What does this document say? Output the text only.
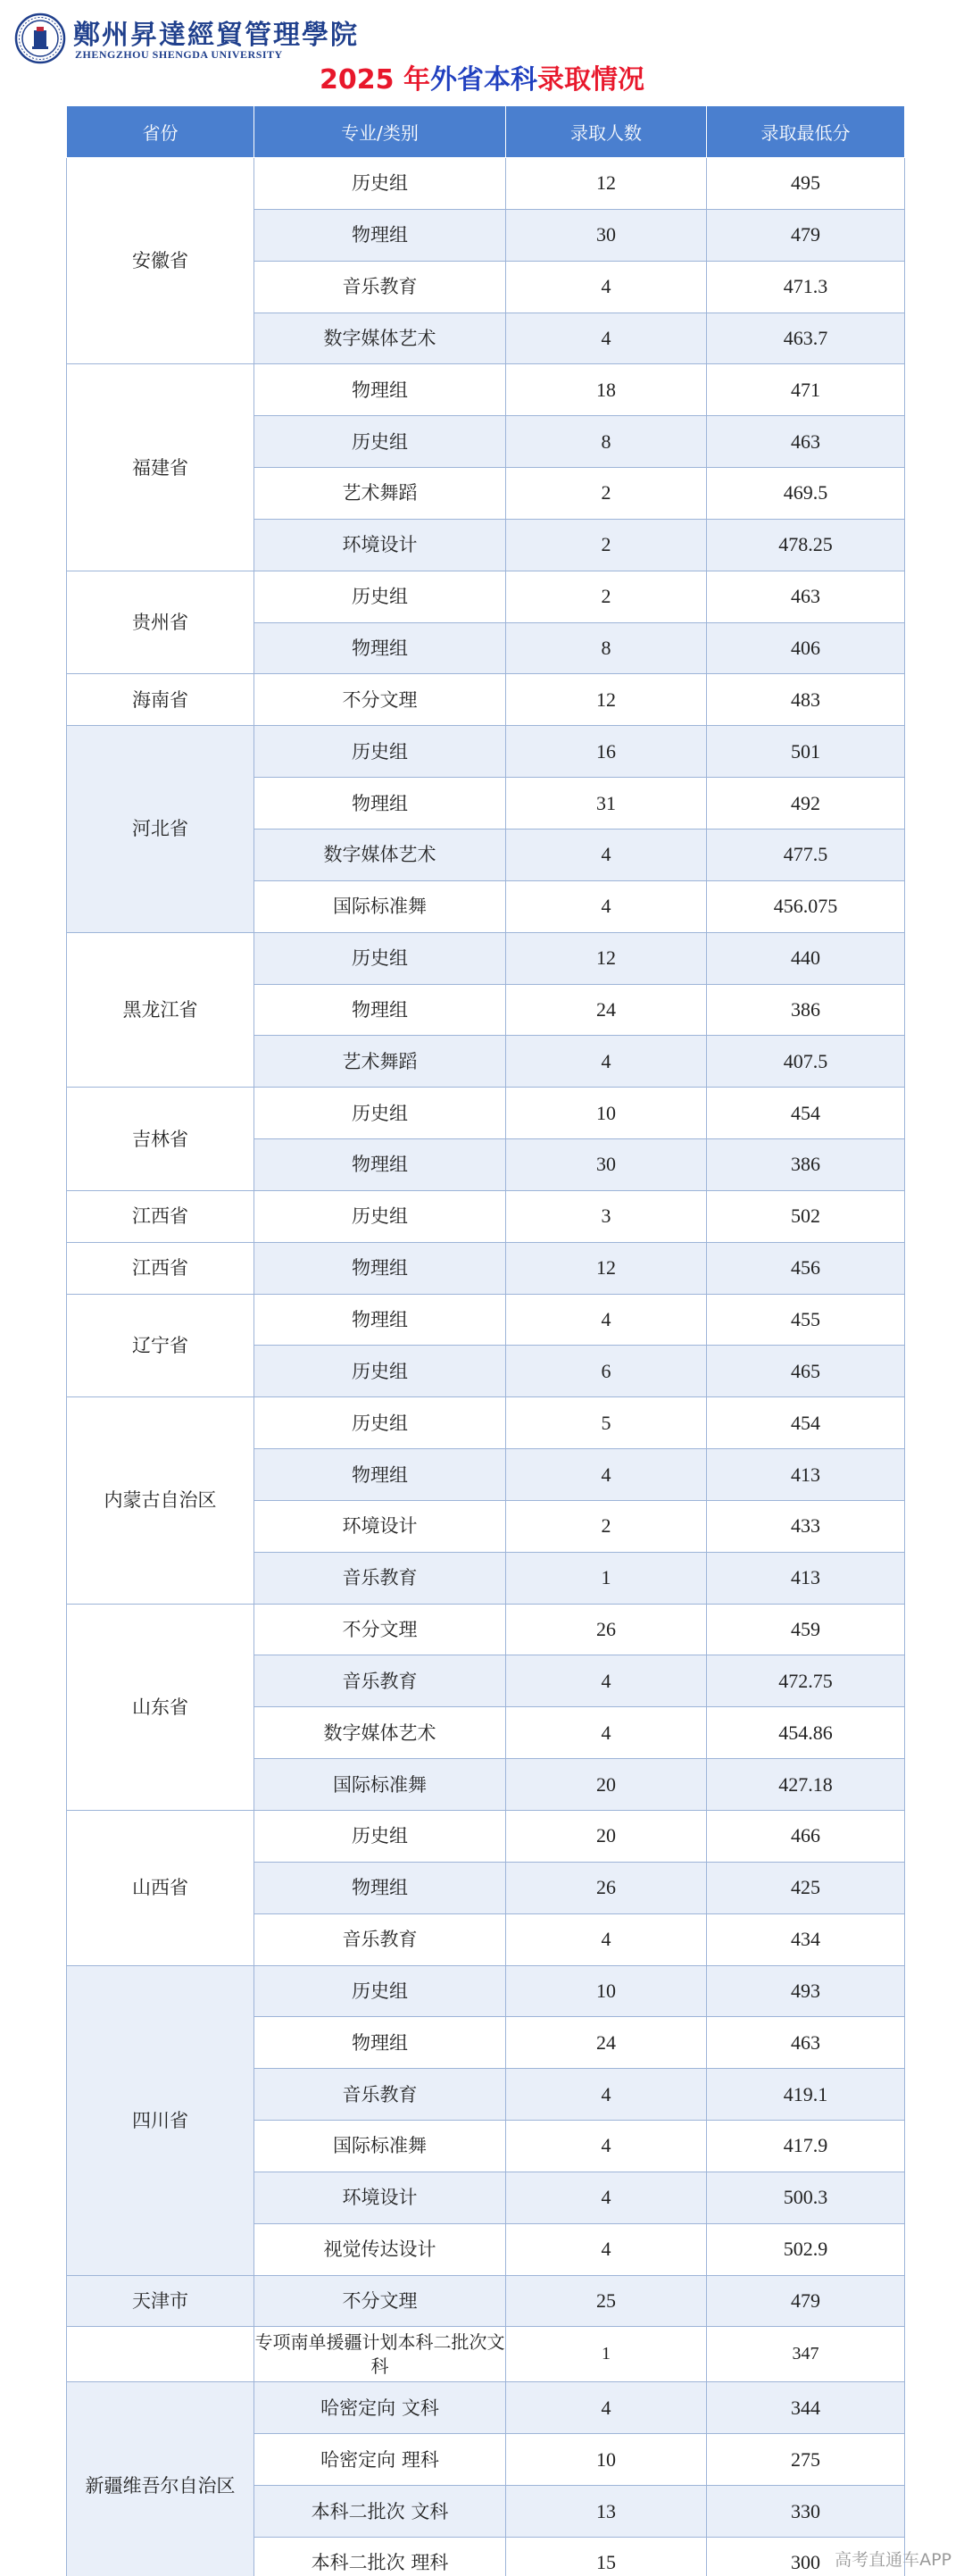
鄭州昇達經貿管理學院
ZHENGZHOU SHENGDA UNIVERSITY
2025 年外省本科录取情况
省份	专业/类别	录取人数	录取最低分
安徽省	历史组	12	495
	物理组	30	479
	音乐教育	4	471.3
	数字媒体艺术	4	463.7
福建省	物理组	18	471
	历史组	8	463
	艺术舞蹈	2	469.5
	环境设计	2	478.25
贵州省	历史组	2	463
	物理组	8	406
海南省	不分文理	12	483
河北省	历史组	16	501
	物理组	31	492
	数字媒体艺术	4	477.5
	国际标准舞	4	456.075
黑龙江省	历史组	12	440
	物理组	24	386
	艺术舞蹈	4	407.5
吉林省	历史组	10	454
	物理组	30	386
江西省	历史组	3	502
江西省	物理组	12	456
辽宁省	物理组	4	455
	历史组	6	465
内蒙古自治区	历史组	5	454
	物理组	4	413
	环境设计	2	433
	音乐教育	1	413
山东省	不分文理	26	459
	音乐教育	4	472.75
	数字媒体艺术	4	454.86
	国际标准舞	20	427.18
山西省	历史组	20	466
	物理组	26	425
	音乐教育	4	434
四川省	历史组	10	493
	物理组	24	463
	音乐教育	4	419.1
	国际标准舞	4	417.9
	环境设计	4	500.3
	视觉传达设计	4	502.9
天津市	不分文理	25	479
	专项南单援疆计划本科二批次文科	1	347
新疆维吾尔自治区	哈密定向 文科	4	344
	哈密定向 理科	10	275
	本科二批次 文科	13	330
	本科二批次 理科	15	300 高考直通车APP
